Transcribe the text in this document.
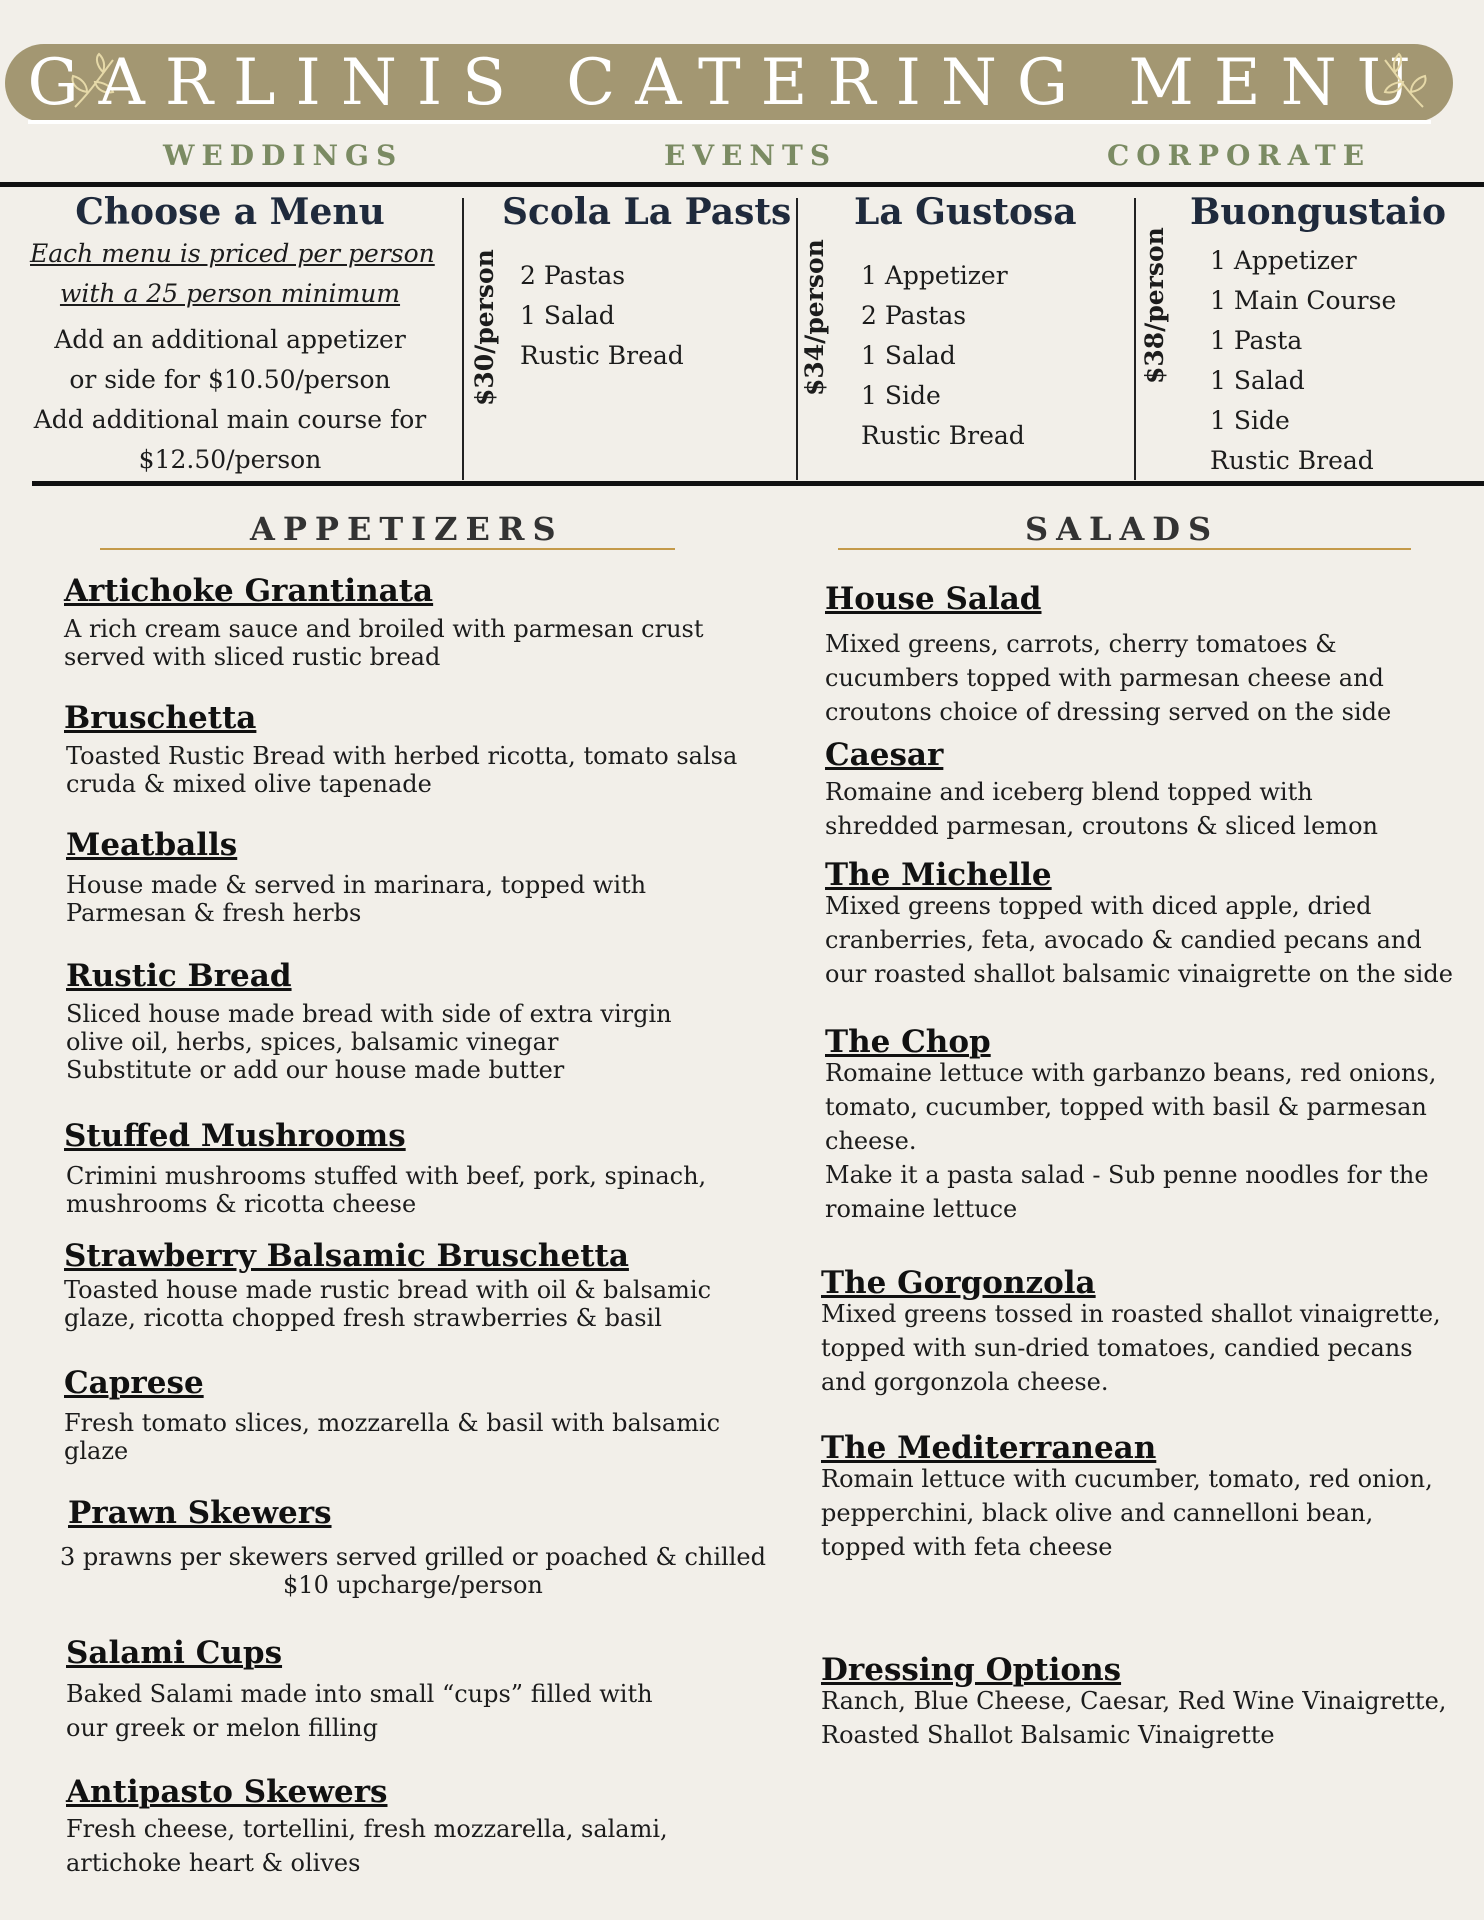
GARLINIS CATERING MENU
WEDDINGS	EVENTS	CORPORATE
Choose a Menu
Each menu is priced per person
with a 25 person minimum
Add an additional appetizer
or side for $10.50/person
Add additional main course for
$12.50/person
Scola La Pasts
$30/person 2 Pastas
1 Salad
Rustic Bread
La Gustosa
$34/person 1 Appetizer
2 Pastas
1 Salad
1 Side
Rustic Bread
Buongustaio
$38/person 1 Appetizer
1 Main Course
1 Pasta
1 Salad
1 Side
Rustic Bread
APPETIZERS	SALADS
Artichoke Grantinata
A rich cream sauce and broiled with parmesan crust
served with sliced rustic bread
Bruschetta
Toasted Rustic Bread with herbed ricotta, tomato salsa
cruda & mixed olive tapenade
Meatballs
House made & served in marinara, topped with
Parmesan & fresh herbs
Rustic Bread
Sliced house made bread with side of extra virgin
olive oil, herbs, spices, balsamic vinegar
Substitute or add our house made butter
Stuffed Mushrooms
Crimini mushrooms stuffed with beef, pork, spinach,
mushrooms & ricotta cheese
Strawberry Balsamic Bruschetta
Toasted house made rustic bread with oil & balsamic
glaze, ricotta chopped fresh strawberries & basil
Caprese
Fresh tomato slices, mozzarella & basil with balsamic
glaze
Prawn Skewers
3 prawns per skewers served grilled or poached & chilled
$10 upcharge/person
Salami Cups
Baked Salami made into small “cups” filled with
our greek or melon filling
Antipasto Skewers
Fresh cheese, tortellini, fresh mozzarella, salami,
artichoke heart & olives
House Salad
Mixed greens, carrots, cherry tomatoes &
cucumbers topped with parmesan cheese and
croutons choice of dressing served on the side
Caesar
Romaine and iceberg blend topped with
shredded parmesan, croutons & sliced lemon
The Michelle
Mixed greens topped with diced apple, dried
cranberries, feta, avocado & candied pecans and
our roasted shallot balsamic vinaigrette on the side
The Chop
Romaine lettuce with garbanzo beans, red onions,
tomato, cucumber, topped with basil & parmesan
cheese.
Make it a pasta salad - Sub penne noodles for the
romaine lettuce
The Gorgonzola
Mixed greens tossed in roasted shallot vinaigrette,
topped with sun-dried tomatoes, candied pecans
and gorgonzola cheese.
The Mediterranean
Romain lettuce with cucumber, tomato, red onion,
pepperchini, black olive and cannelloni bean,
topped with feta cheese
Dressing Options
Ranch, Blue Cheese, Caesar, Red Wine Vinaigrette,
Roasted Shallot Balsamic Vinaigrette
